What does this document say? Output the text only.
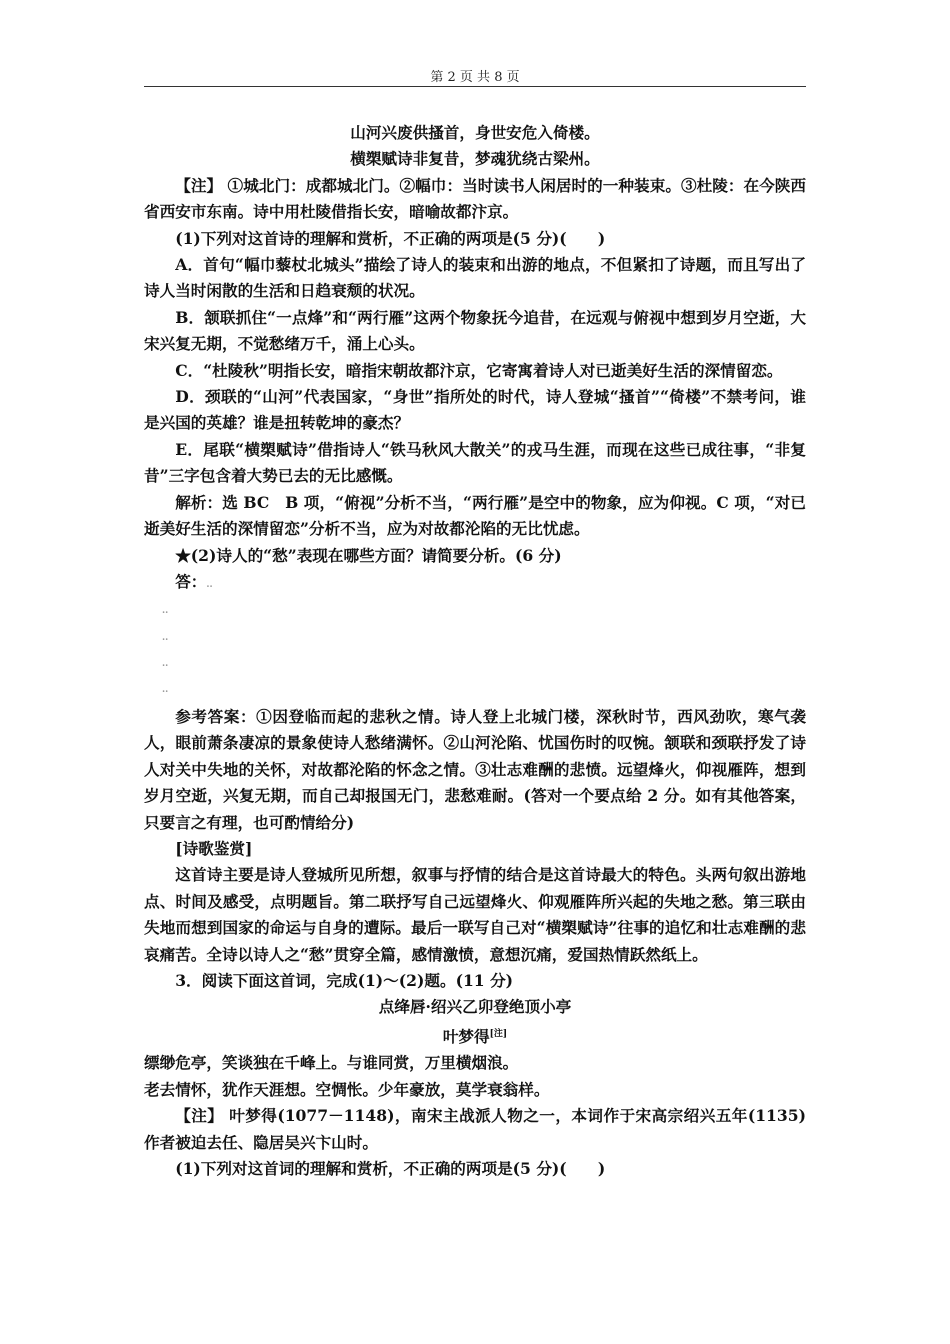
第 2 页 共 8 页

山河兴废供搔首，身世安危入倚楼。

横槊赋诗非复昔，梦魂犹绕古梁州。

【注】 ①城北门：成都城北门。②幅巾：当时读书人闲居时的一种装束。③杜陵：在今陕西省西安市东南。诗中用杜陵借指长安，暗喻故都汴京。

(1)下列对这首诗的理解和赏析，不正确的两项是(5 分)(　　)

A．首句“幅巾藜杖北城头”描绘了诗人的装束和出游的地点，不但紧扣了诗题，而且写出了诗人当时闲散的生活和日趋衰颓的状况。

B．颔联抓住“一点烽”和“两行雁”这两个物象抚今追昔，在远观与俯视中想到岁月空逝，大宋兴复无期，不觉愁绪万千，涌上心头。

C．“杜陵秋”明指长安，暗指宋朝故都汴京，它寄寓着诗人对已逝美好生活的深情留恋。

D．颈联的“山河”代表国家，“身世”指所处的时代，诗人登城“搔首”“倚楼”不禁考问，谁是兴国的英雄？谁是扭转乾坤的豪杰？

E．尾联“横槊赋诗”借指诗人“铁马秋风大散关”的戎马生涯，而现在这些已成往事，“非复昔”三字包含着大势已去的无比感慨。

解析：选 BC　B 项，“俯视”分析不当，“两行雁”是空中的物象，应为仰视。C 项，“对已逝美好生活的深情留恋”分析不当，应为对故都沦陷的无比忧虑。

★(2)诗人的“愁”表现在哪些方面？请简要分析。(6 分)

答：..

..
..
..
..

参考答案：①因登临而起的悲秋之情。诗人登上北城门楼，深秋时节，西风劲吹，寒气袭人，眼前萧条凄凉的景象使诗人愁绪满怀。②山河沦陷、忧国伤时的叹惋。颔联和颈联抒发了诗人对关中失地的关怀，对故都沦陷的怀念之情。③壮志难酬的悲愤。远望烽火，仰视雁阵，想到岁月空逝，兴复无期，而自己却报国无门，悲愁难耐。(答对一个要点给 2 分。如有其他答案，只要言之有理，也可酌情给分)

[诗歌鉴赏]

这首诗主要是诗人登城所见所想，叙事与抒情的结合是这首诗最大的特色。头两句叙出游地点、时间及感受，点明题旨。第二联抒写自己远望烽火、仰观雁阵所兴起的失地之愁。第三联由失地而想到国家的命运与自身的遭际。最后一联写自己对“横槊赋诗”往事的追忆和壮志难酬的悲哀痛苦。全诗以诗人之“愁”贯穿全篇，感情激愤，意想沉痛，爱国热情跃然纸上。

3．阅读下面这首词，完成(1)～(2)题。(11 分)

点绛唇·绍兴乙卯登绝顶小亭

叶梦得[注]

缥缈危亭，笑谈独在千峰上。与谁同赏，万里横烟浪。

老去情怀，犹作天涯想。空惆怅。少年豪放，莫学衰翁样。

【注】 叶梦得(1077－1148)，南宋主战派人物之一，本词作于宋高宗绍兴五年(1135)作者被迫去任、隐居吴兴卞山时。

(1)下列对这首词的理解和赏析，不正确的两项是(5 分)(　　)
